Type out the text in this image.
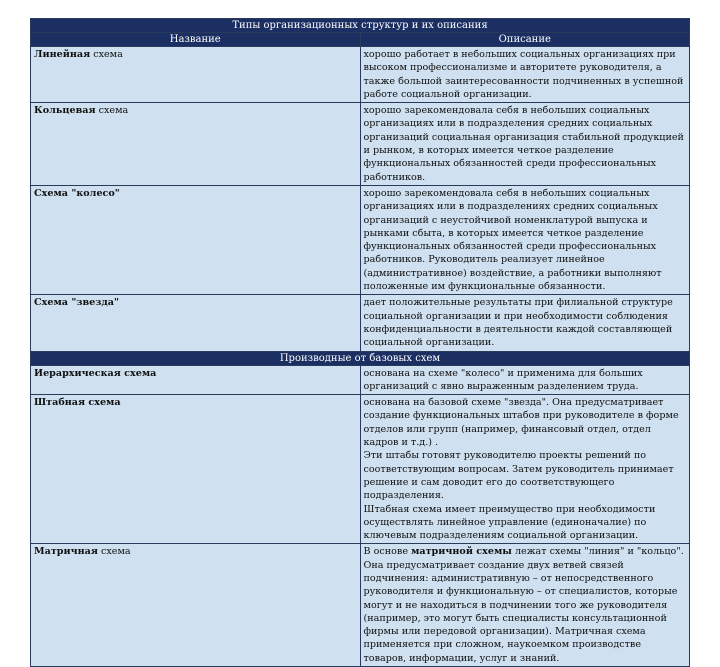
Типы организационных структур и их описания	
Название	Описание
Линейная схема	хорошо работает в небольших социальных организациях при высоком профессионализме и авторитете руководителя, а также большой заинтересованности подчиненных в успешной работе социальной организации.
Кольцевая схема	хорошо зарекомендовала себя в небольших социальных организациях или в подразделения средних социальных организаций социальная организация стабильной продукцией и рынком, в которых имеется четкое разделение функциональных обязанностей среди профессиональных работников.
Схема "колесо"	хорошо зарекомендовала себя в небольших социальных организациях или в подразделениях средних социальных организаций с неустойчивой номенклатурой выпуска и рынками сбыта, в которых имеется четкое разделение функциональных обязанностей среди профессиональных работников. Руководитель реализует линейное (административное) воздействие, а работники выполняют положенные им функциональные обязанности.
Схема "звезда"	дает положительные результаты при филиальной структуре социальной организации и при необходимости соблюдения конфиденциальности в деятельности каждой составляющей социальной организации.
Производные от базовых схем	
Иерархическая схема	основана на схеме "колесо" и применима для больших организаций с явно выраженным разделением труда.
Штабная схема	основана на базовой схеме "звезда". Она предусматривает создание функциональных штабов при руководителе в форме отделов или групп (например, финансовый отдел, отдел кадров и т.д.) .

Эти штабы готовят руководителю проекты решений по соответствующим вопросам. Затем руководитель принимает решение и сам доводит его до соответствующего подразделения.

Штабная схема имеет преимущество при необходимости осуществлять линейное управление (единоначалие) по ключевым подразделениям социальной организации.

Матричная схема	В основе матричной схемы лежат схемы "линия" и "кольцо". Она предусматривает создание двух ветвей связей подчинения: административную – от непосредственного руководителя и функциональную – от специалистов, которые могут и не находиться в подчинении того же руководителя (например, это могут быть специалисты консультационной фирмы или передовой организации). Матричная схема применяется при сложном, наукоемком производстве товаров, информации, услуг и знаний.
